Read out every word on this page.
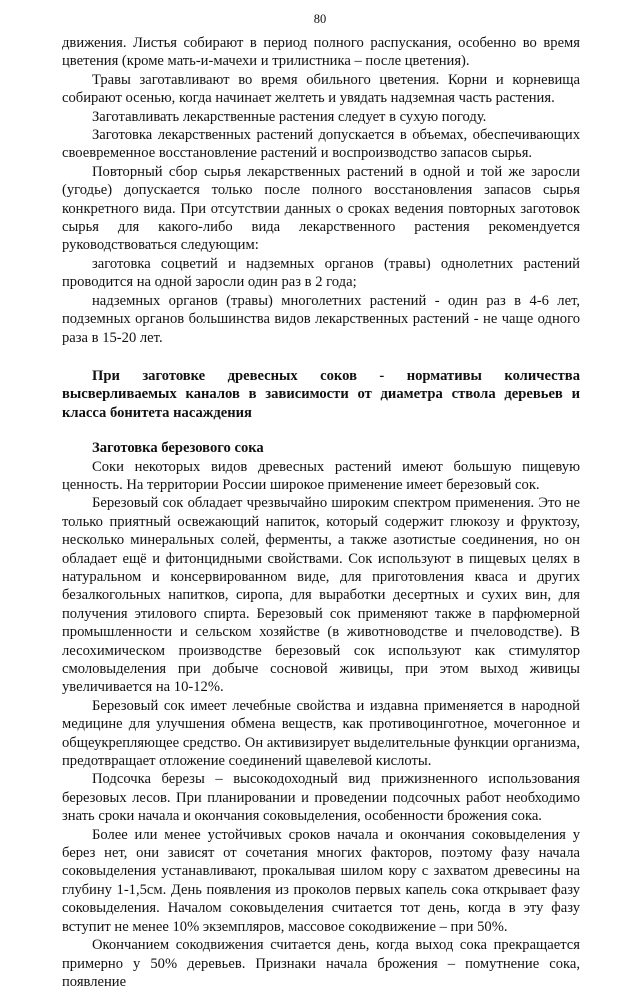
80

движения. Листья собирают в период полного распускания, особенно во время цветения (кроме мать-и-мачехи и трилистника – после цветения).

Травы заготавливают во время обильного цветения. Корни и корневища собирают осенью, когда начинает желтеть и увядать надземная часть растения.

Заготавливать лекарственные растения следует в сухую погоду.

Заготовка лекарственных растений допускается в объемах, обеспечивающих своевременное восстановление растений и воспроизводство запасов сырья.

Повторный сбор сырья лекарственных растений в одной и той же заросли (угодье) допускается только после полного восстановления запасов сырья конкретного вида. При отсутствии данных о сроках ведения повторных заготовок сырья для какого-либо вида лекарственного растения рекомендуется руководствоваться следующим:

заготовка соцветий и надземных органов (травы) однолетних растений проводится на одной заросли один раз в 2 года;

надземных органов (травы) многолетних растений - один раз в 4-6 лет, подземных органов большинства видов лекарственных растений - не чаще одного раза в 15-20 лет.

При заготовке древесных соков - нормативы количества высверливаемых каналов в зависимости от диаметра ствола деревьев и класса бонитета насаждения

Заготовка березового сока

Соки некоторых видов древесных растений имеют большую пищевую ценность. На территории России широкое применение имеет березовый сок.

Березовый сок обладает чрезвычайно широким спектром применения. Это не только приятный освежающий напиток, который содержит глюкозу и фруктозу, несколько минеральных солей, ферменты, а также азотистые соединения, но он обладает ещё и фитонцидными свойствами. Сок используют в пищевых целях в натуральном и консервированном виде, для приготовления кваса и других безалкогольных напитков, сиропа, для выработки десертных и сухих вин, для получения этилового спирта. Березовый сок применяют также в парфюмерной промышленности и сельском хозяйстве (в животноводстве и пчеловодстве). В лесохимическом производстве березовый сок используют как стимулятор смоловыделения при добыче сосновой живицы, при этом выход живицы увеличивается на 10-12%.

Березовый сок имеет лечебные свойства и издавна применяется в народной медицине для улучшения обмена веществ, как противоцинготное, мочегонное и общеукрепляющее средство. Он активизирует выделительные функции организма, предотвращает отложение соединений щавелевой кислоты.

Подсочка березы – высокодоходный вид прижизненного использования березовых лесов. При планировании и проведении подсочных работ необходимо знать сроки начала и окончания соковыделения, особенности брожения сока.

Более или менее устойчивых сроков начала и окончания соковыделения у берез нет, они зависят от сочетания многих факторов, поэтому фазу начала соковыделения устанавливают, прокалывая шилом кору с захватом древесины на глубину 1-1,5см. День появления из проколов первых капель сока открывает фазу соковыделения. Началом соковыделения считается тот день, когда в эту фазу вступит не менее 10% экземпляров, массовое сокодвижение – при 50%.

Окончанием сокодвижения считается день, когда выход сока прекращается примерно у 50% деревьев. Признаки начала брожения – помутнение сока, появление
